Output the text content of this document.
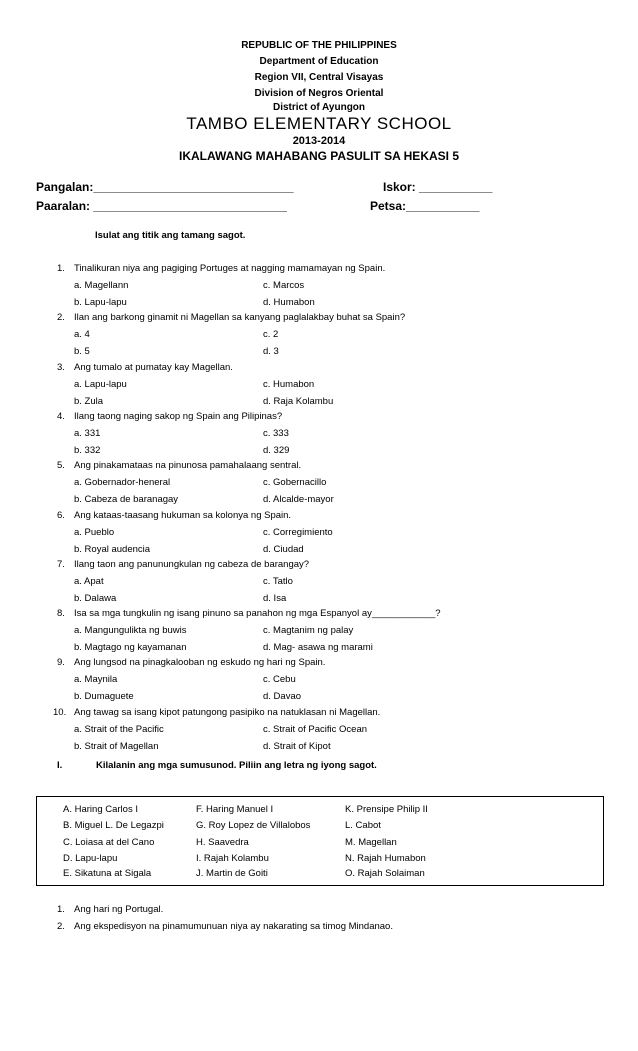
REPUBLIC OF THE PHILIPPINES
Department of Education
Region VII, Central Visayas
Division of Negros Oriental
District of Ayungon
TAMBO ELEMENTARY SCHOOL
2013-2014
IKALAWANG MAHABANG PASULIT SA HEKASI 5
Pangalan:______________________________	Iskor: ___________
Paaralan: _____________________________	Petsa:___________
Isulat ang titik ang tamang sagot.
1. Tinalikuran niya ang pagiging Portuges at nagging mamamayan ng Spain.
a. Magellann	c. Marcos
b. Lapu-lapu	d. Humabon
2. Ilan ang barkong ginamit ni Magellan sa kanyang paglalakbay buhat sa Spain?
a. 4	c. 2
b. 5	d. 3
3. Ang tumalo at pumatay kay Magellan.
a. Lapu-lapu	c. Humabon
b. Zula	d. Raja Kolambu
4. Ilang taong naging sakop ng Spain ang Pilipinas?
a. 331	c. 333
b. 332	d. 329
5. Ang pinakamataas na pinunosa pamahalaang sentral.
a. Gobernador-heneral	c. Gobernacillo
b. Cabeza de baranagay	d. Alcalde-mayor
6. Ang kataas-taasang hukuman sa kolonya ng Spain.
a. Pueblo	c. Corregimiento
b. Royal audencia	d. Ciudad
7. Ilang taon ang panunungkulan ng cabeza de barangay?
a. Apat	c. Tatlo
b. Dalawa	d. Isa
8. Isa sa mga tungkulin ng isang pinuno sa panahon ng mga Espanyol ay____________?
a. Mangungulikta ng buwis	c. Magtanim ng palay
b. Magtago ng kayamanan	d. Mag- asawa ng marami
9. Ang lungsod na pinagkalooban ng eskudo ng hari ng Spain.
a. Maynila	c. Cebu
b. Dumaguete	d. Davao
10. Ang tawag sa isang kipot patungong pasipiko na natuklasan ni Magellan.
a. Strait of the Pacific	c. Strait of Pacific Ocean
b. Strait of Magellan	d. Strait of Kipot
I.	Kilalanin ang mga sumusunod. Piliin ang letra ng iyong sagot.
A. Haring Carlos I	F. Haring Manuel I	K. Prensipe Philip II
B. Miguel L. De Legazpi	G. Roy Lopez de Villalobos	L. Cabot
C. Loiasa at del Cano	H. Saavedra	M. Magellan
D. Lapu-lapu	I. Rajah Kolambu	N. Rajah Humabon
E. Sikatuna at Sigala	J. Martin de Goiti	O. Rajah Solaiman
1. Ang hari ng Portugal.
2. Ang ekspedisyon na pinamumunuan niya ay nakarating sa timog Mindanao.
